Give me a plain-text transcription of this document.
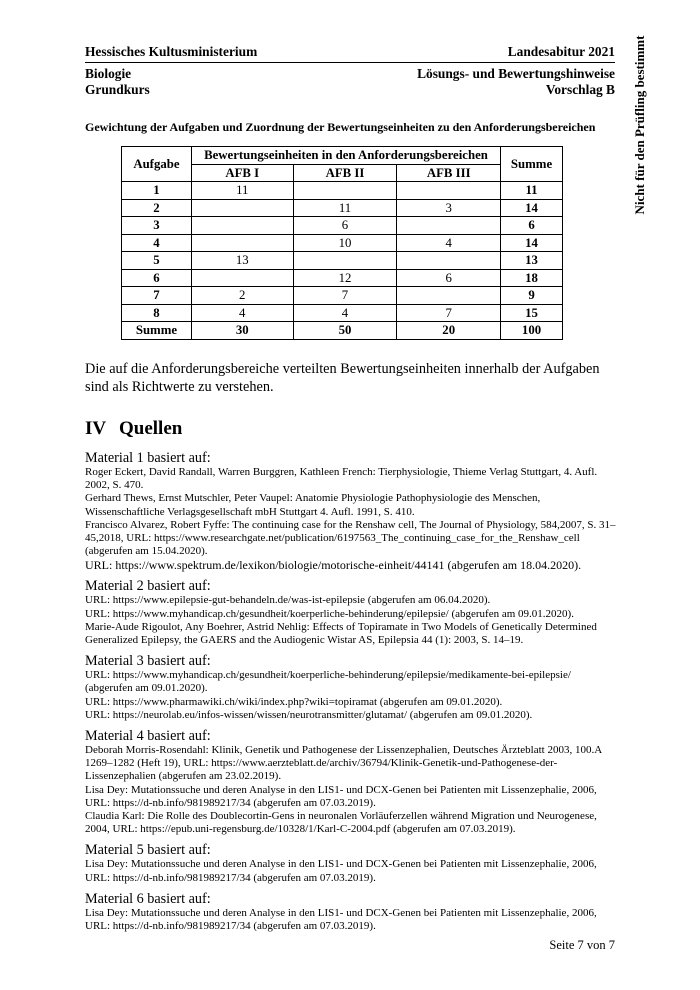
Nicht für den Prüfling bestimmt
Hessisches Kultusministerium	Landesabitur 2021
Biologie	Lösungs- und Bewertungshinweise
Grundkurs	Vorschlag B
Gewichtung der Aufgaben und Zuordnung der Bewertungseinheiten zu den Anforderungsbereichen
Aufgabe	Bewertungseinheiten in den Anforderungsbereichen			Summe
	AFB I	AFB II	AFB III	
1	11			11
2		11	3	14
3		6		6
4		10	4	14
5	13			13
6		12	6	18
7	2	7		9
8	4	4	7	15
Summe	30	50	20	100
Die auf die Anforderungsbereiche verteilten Bewertungseinheiten innerhalb der Aufgaben sind als Richtwerte zu verstehen.
IV Quellen
Material 1 basiert auf:

Roger Eckert, David Randall, Warren Burggren, Kathleen French: Tierphysiologie, Thieme Verlag Stuttgart, 4. Aufl. 2002, S. 470.

Gerhard Thews, Ernst Mutschler, Peter Vaupel: Anatomie Physiologie Pathophysiologie des Menschen, Wissenschaftliche Verlagsgesellschaft mbH Stuttgart 4. Aufl. 1991, S. 410.

Francisco Alvarez, Robert Fyffe: The continuing case for the Renshaw cell, The Journal of Physiology, 584,2007, S. 31–45,2018, URL: https://www.researchgate.net/publication/6197563_The_continuing_case_for_the_Renshaw_cell (abgerufen am 15.04.2020).

URL: https://www.spektrum.de/lexikon/biologie/motorische-einheit/44141 (abgerufen am 18.04.2020).

Material 2 basiert auf:

URL: https://www.epilepsie-gut-behandeln.de/was-ist-epilepsie (abgerufen am 06.04.2020).

URL: https://www.myhandicap.ch/gesundheit/koerperliche-behinderung/epilepsie/ (abgerufen am 09.01.2020).

Marie-Aude Rigoulot, Any Boehrer, Astrid Nehlig: Effects of Topiramate in Two Models of Genetically Determined Generalized Epilepsy, the GAERS and the Audiogenic Wistar AS, Epilepsia 44 (1): 2003, S. 14–19.

Material 3 basiert auf:

URL: https://www.myhandicap.ch/gesundheit/koerperliche-behinderung/epilepsie/medikamente-bei-epilepsie/ (abgerufen am 09.01.2020).

URL: https://www.pharmawiki.ch/wiki/index.php?wiki=topiramat (abgerufen am 09.01.2020).

URL: https://neurolab.eu/infos-wissen/wissen/neurotransmitter/glutamat/ (abgerufen am 09.01.2020).

Material 4 basiert auf:

Deborah Morris-Rosendahl: Klinik, Genetik und Pathogenese der Lissenzephalien, Deutsches Ärzteblatt 2003, 100.A 1269–1282 (Heft 19), URL: https://www.aerzteblatt.de/archiv/36794/Klinik-Genetik-und-Pathogenese-der-Lissenzephalien (abgerufen am 23.02.2019).

Lisa Dey: Mutationssuche und deren Analyse in den LIS1- und DCX-Genen bei Patienten mit Lissenzephalie, 2006, URL: https://d-nb.info/981989217/34 (abgerufen am 07.03.2019).

Claudia Karl: Die Rolle des Doublecortin-Gens in neuronalen Vorläuferzellen während Migration und Neurogenese, 2004, URL: https://epub.uni-regensburg.de/10328/1/Karl-C-2004.pdf (abgerufen am 07.03.2019).

Material 5 basiert auf:

Lisa Dey: Mutationssuche und deren Analyse in den LIS1- und DCX-Genen bei Patienten mit Lissenzephalie, 2006, URL: https://d-nb.info/981989217/34 (abgerufen am 07.03.2019).

Material 6 basiert auf:

Lisa Dey: Mutationssuche und deren Analyse in den LIS1- und DCX-Genen bei Patienten mit Lissenzephalie, 2006, URL: https://d-nb.info/981989217/34 (abgerufen am 07.03.2019).

Seite 7 von 7
